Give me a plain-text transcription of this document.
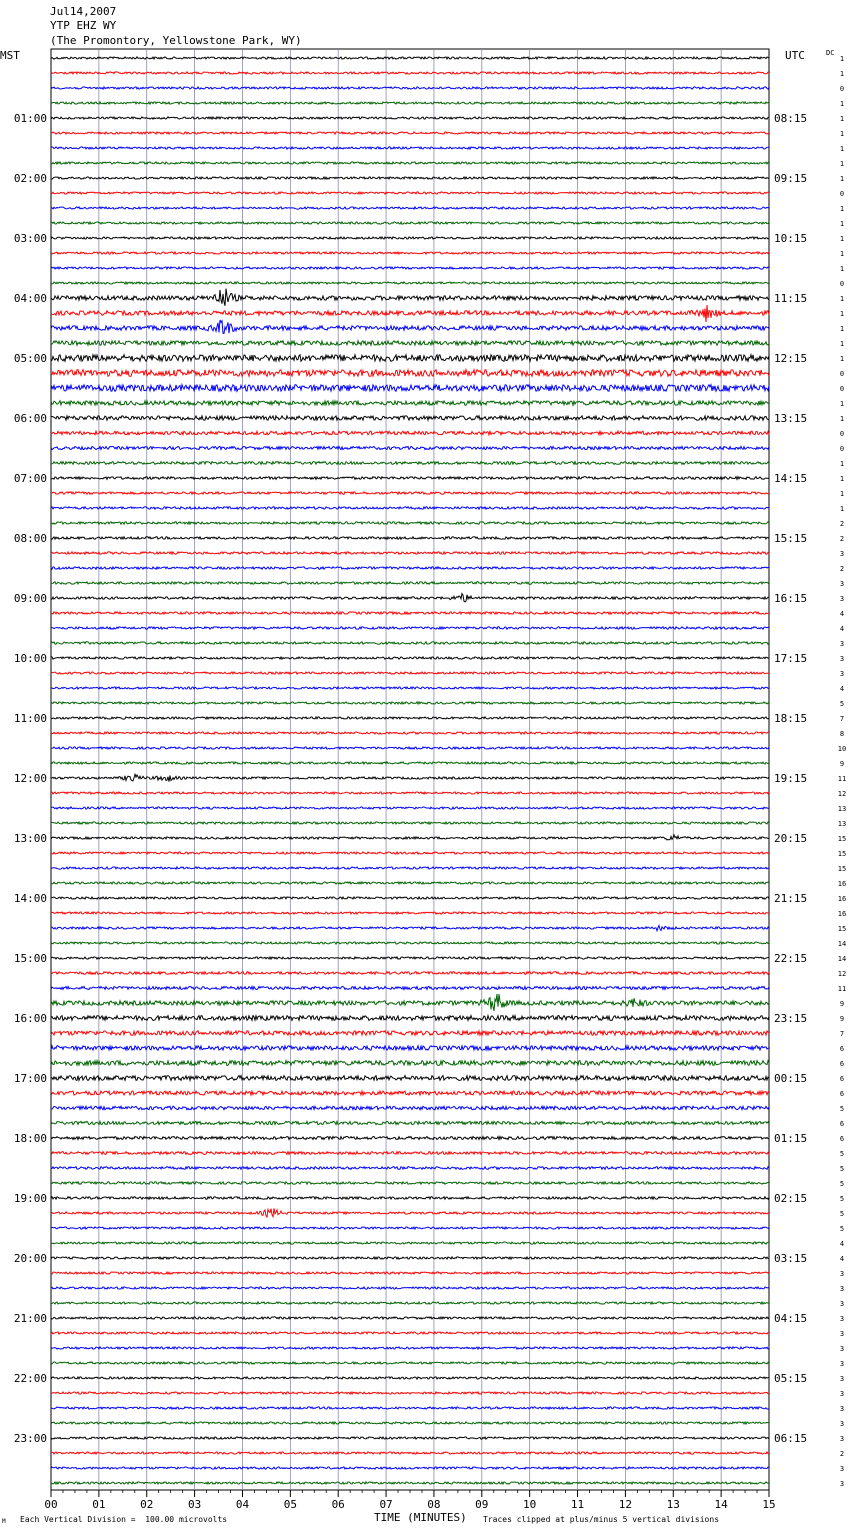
Jul14,2007
YTP EHZ WY
(The Promontory, Yellowstone Park, WY)
MST	UTC	DC
00	01	02	03	04	05	06	07	08	09	10	11	12	13	14	15
1
1
0
1
1
01:00	08:15
1
1
1
1
02:00	09:15
0
1
1
1
03:00	10:15
1
1
0
1
04:00	11:15
1
1
1
1
05:00	12:15
0
0
1
1
06:00	13:15
0
0
1
1
07:00	14:15
1
1
2
2
08:00	15:15
3
2
3
3
09:00	16:15
4
4
3
3
10:00	17:15
3
4
5
7
11:00	18:15
8
10
9
11
12:00	19:15
12
13
13
15
13:00	20:15
15
15
16
16
14:00	21:15
16
15
14
14
15:00	22:15
12
11
9
9
16:00	23:15
7
6
6
6
17:00	00:15
6
5
6
6
18:00	01:15
5
5
5
5
19:00	02:15
5
5
4
4
20:00	03:15
3
3
3
3
21:00	04:15
3
3
3
3
22:00	05:15
3
3
3
3
23:00	06:15
2
3
3
M Each Vertical Division =  100.00 microvolts	TIME (MINUTES) Traces clipped at plus/minus 5 vertical divisions
